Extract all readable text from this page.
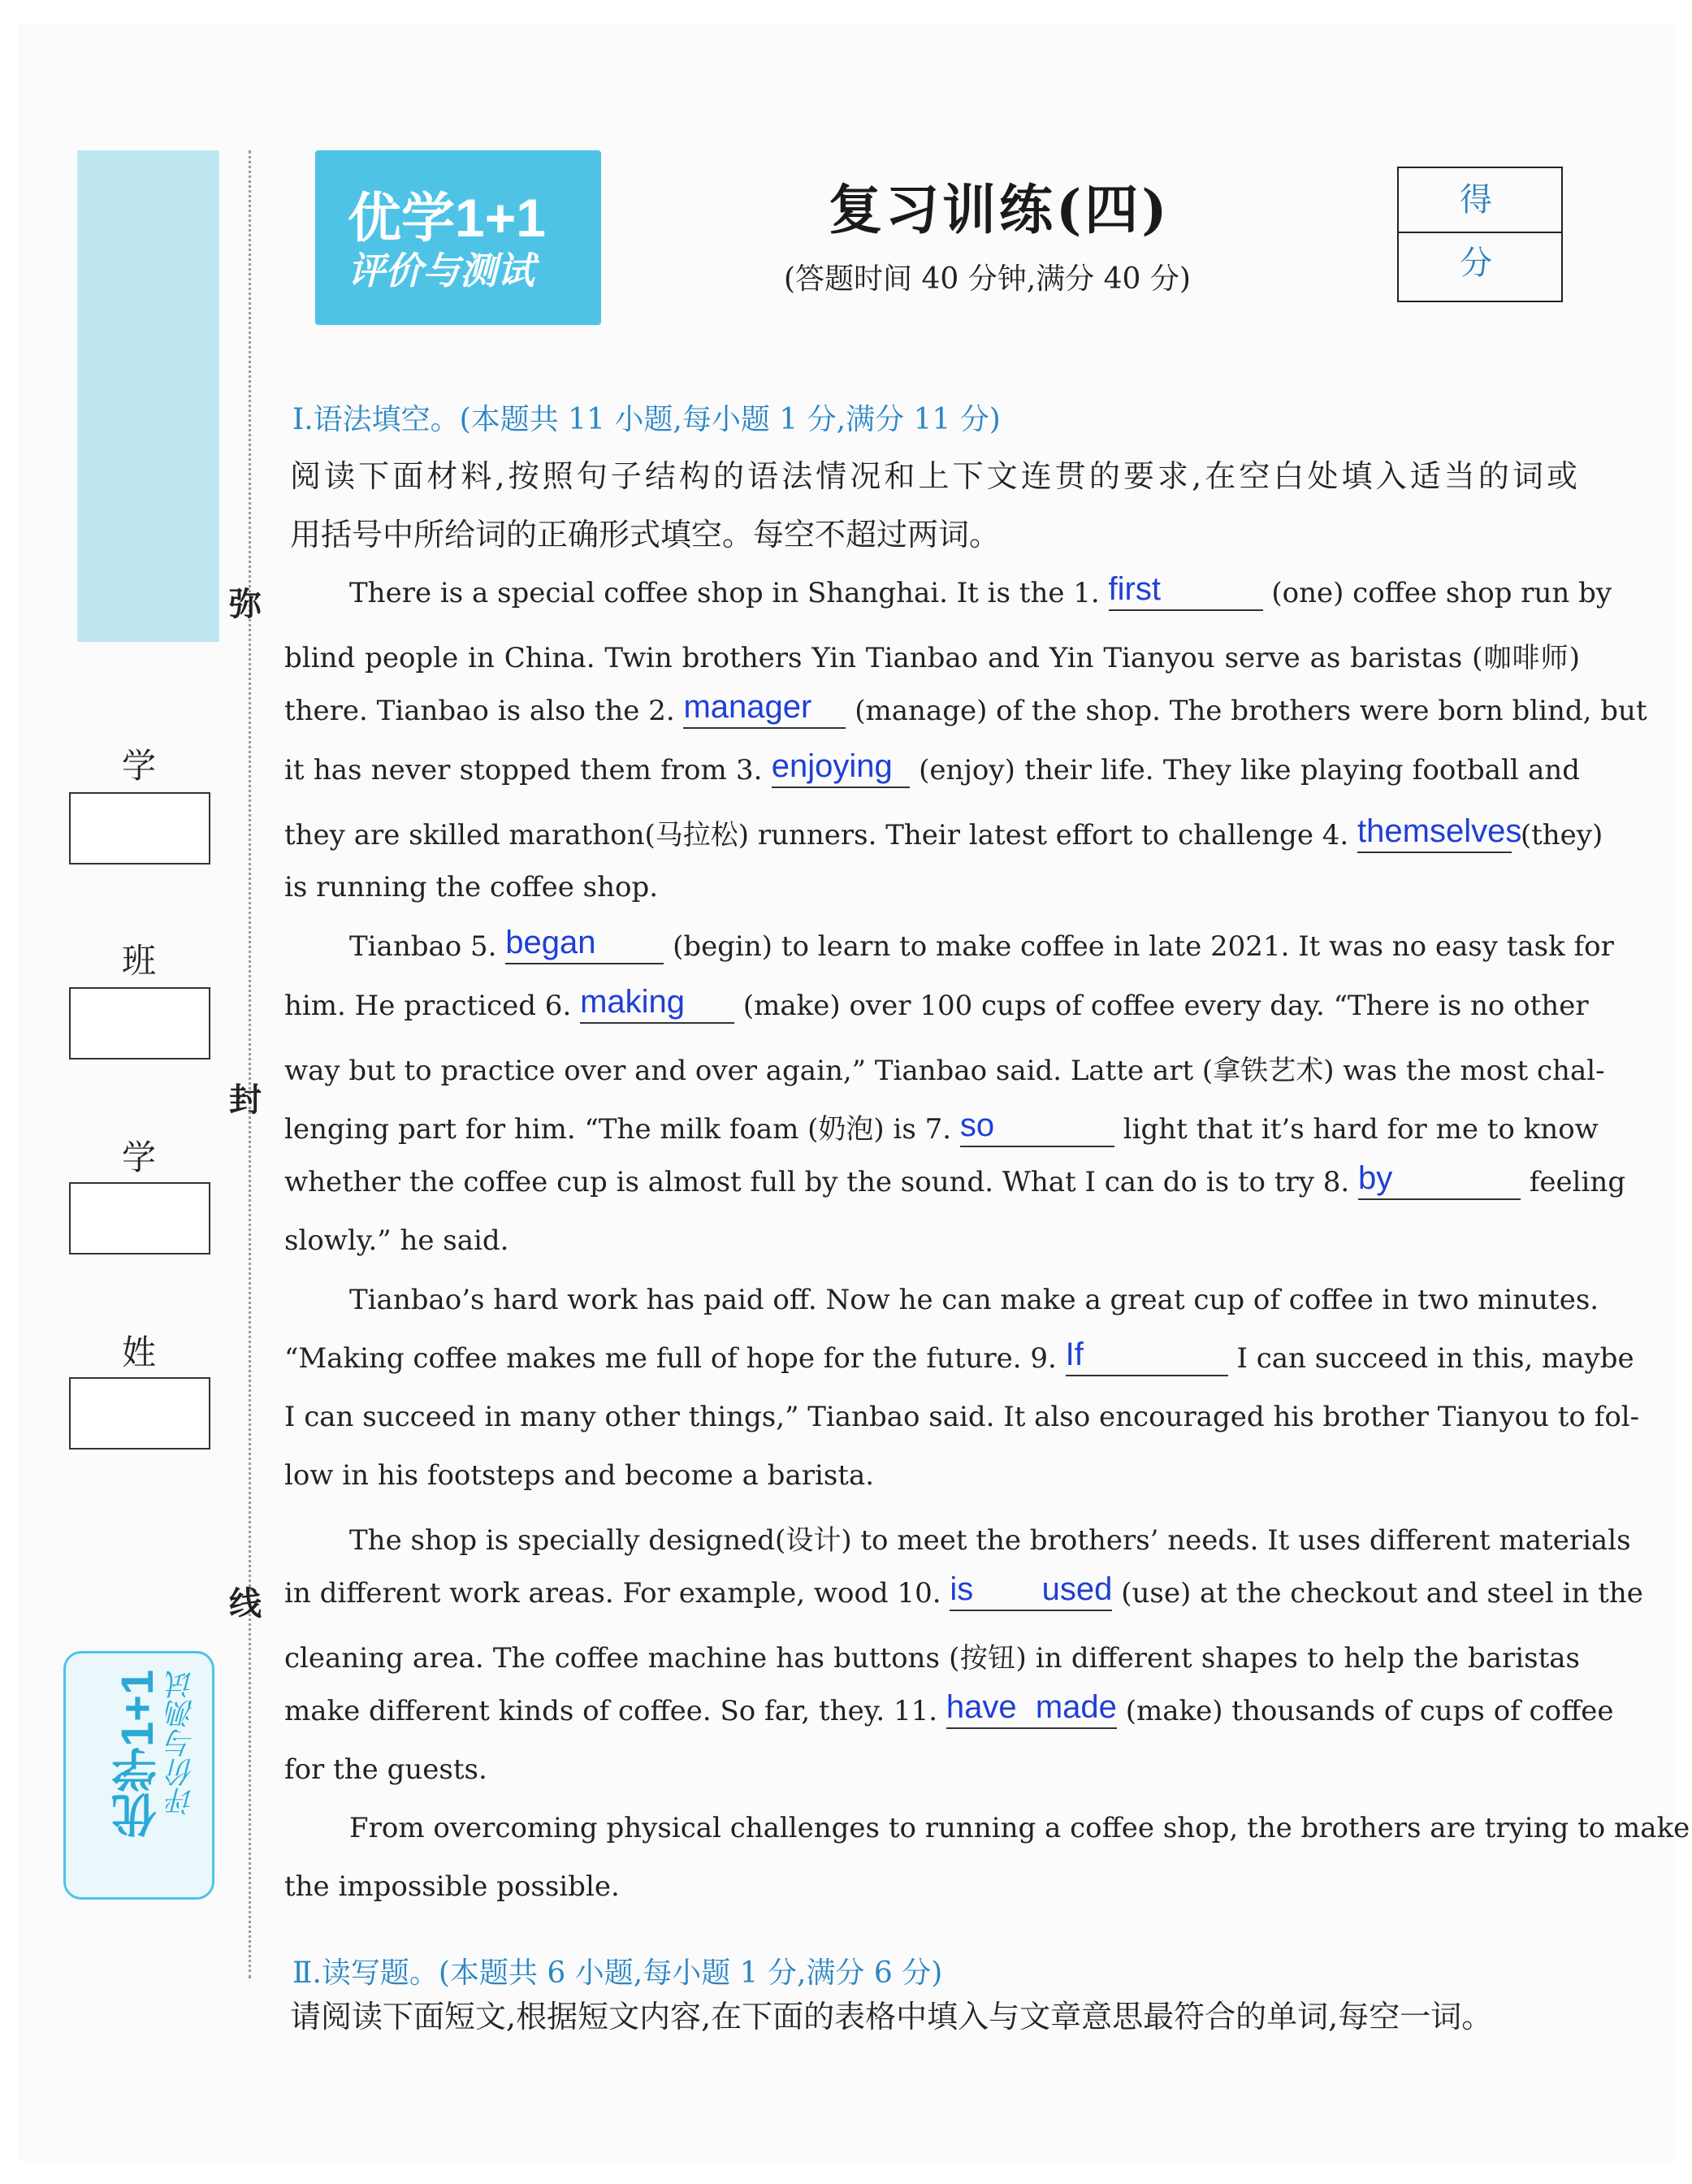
弥
封
线
学
班
学
姓
优学1+1
评价与测试
优学1+1 评价与测试
复习训练(四)
(答题时间 40 分钟,满分 40 分)
得 分
Ⅰ.语法填空。(本题共 11 小题,每小题 1 分,满分 11 分)
阅读下面材料,按照句子结构的语法情况和上下文连贯的要求,在空白处填入适当的词或
用括号中所给词的正确形式填空。每空不超过两词。
There is a special coffee shop in Shanghai. It is the 1. first	(one) coffee shop run by
blind people in China. Twin brothers Yin Tianbao and Yin Tianyou serve as baristas (咖啡师)
there. Tianbao is also the 2. manager	(manage) of the shop. The brothers were born blind, but
it has never stopped them from 3. enjoying (enjoy) their life. They like playing football and
they are skilled marathon(马拉松) runners. Their latest effort to challenge 4. themselves
(they)
is running the coffee shop.
Tianbao 5. began	(begin) to learn to make coffee in late 2021. It was no easy task for
him. He practiced 6. making	(make) over 100 cups of coffee every day. “There is no other
way but to practice over and over again,” Tianbao said. Latte art (拿铁艺术) was the most chal-
lenging part for him. “The milk foam (奶泡) is 7. so	light that it’s hard for me to know
whether the coffee cup is almost full by the sound. What I can do is to try 8. by	feeling
slowly.” he said.
Tianbao’s hard work has paid off. Now he can make a great cup of coffee in two minutes.
“Making coffee makes me full of hope for the future. 9. If	I can succeed in this, maybe
I can succeed in many other things,” Tianbao said. It also encouraged his brother Tianyou to fol-
low in his footsteps and become a barista.
The shop is specially designed(设计) to meet the brothers’ needs. It uses different materials
in different work areas. For example, wood 10. is used (use) at the checkout and steel in the
cleaning area. The coffee machine has buttons (按钮) in different shapes to help the baristas
make different kinds of coffee. So far, they. 11. have made (make) thousands of cups of coffee
for the guests.
From overcoming physical challenges to running a coffee shop, the brothers are trying to make
the impossible possible.
Ⅱ.读写题。(本题共 6 小题,每小题 1 分,满分 6 分)
请阅读下面短文,根据短文内容,在下面的表格中填入与文章意思最符合的单词,每空一词。
